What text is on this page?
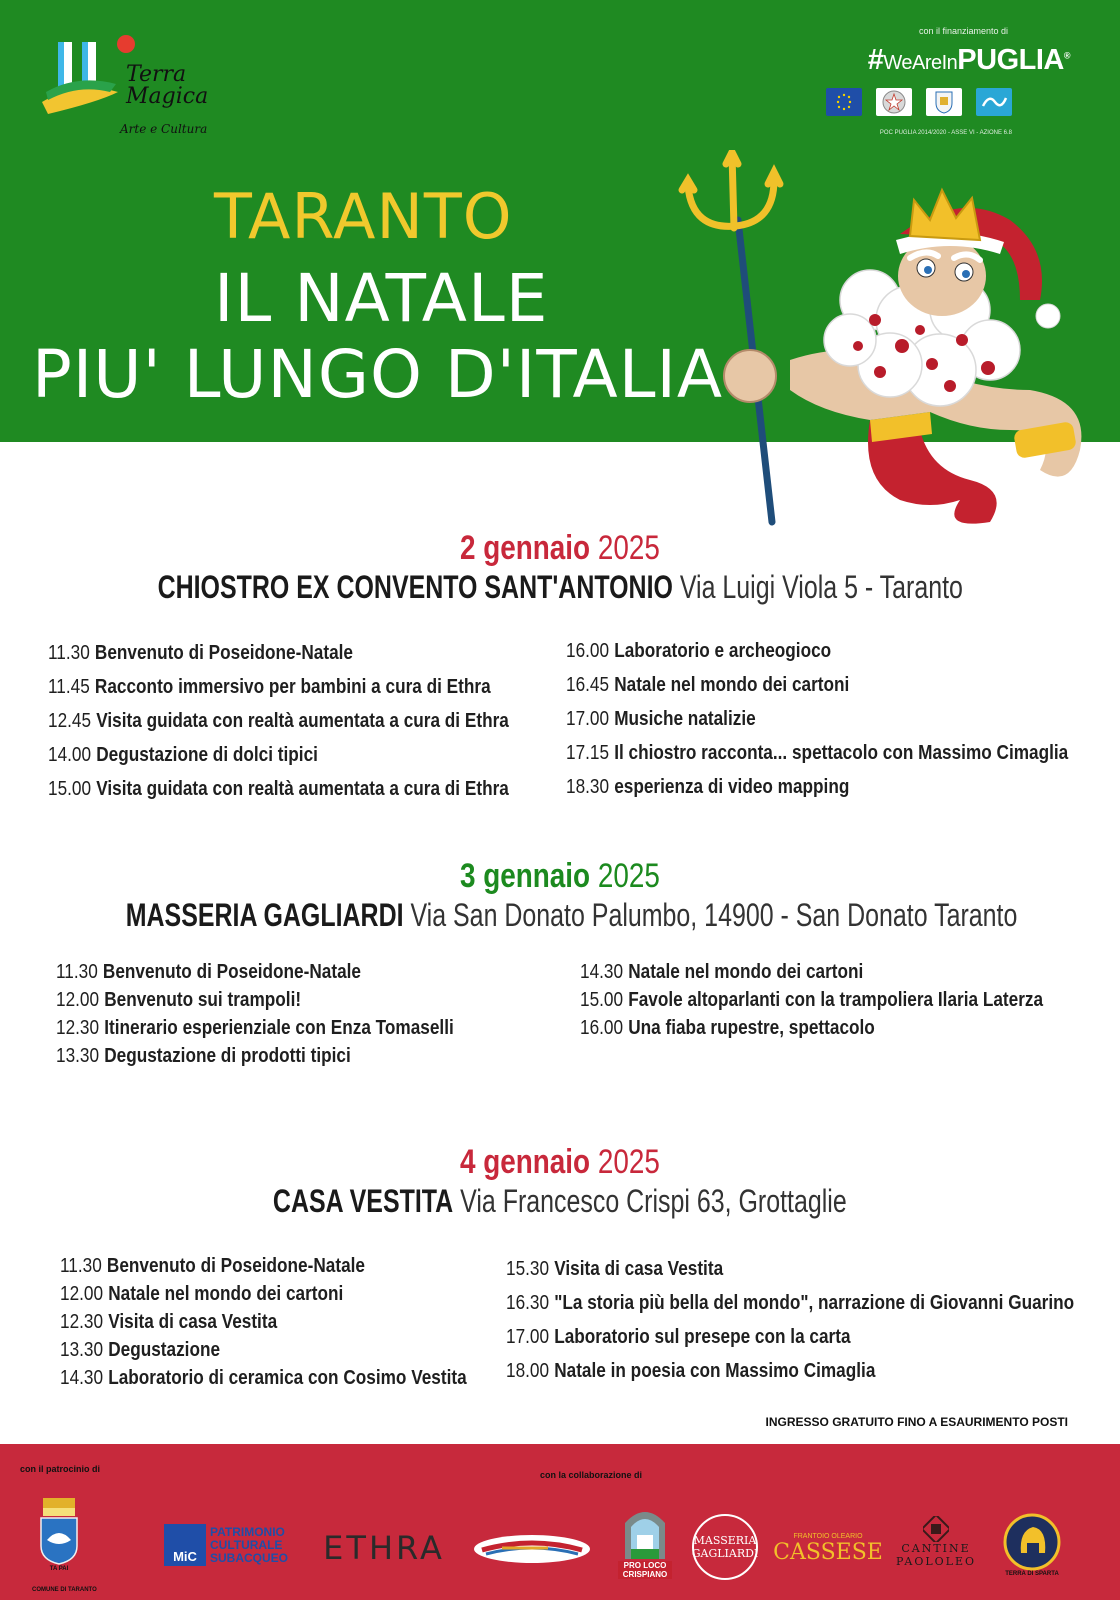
Terra Magica
Arte e Cultura
con il finanziamento di
#WeAreInPUGLIA®
POC PUGLIA 2014/2020 - ASSE VI - AZIONE 6.8
TARANTO
IL NATALE
PIU' LUNGO D'ITALIA
2 gennaio 2025
CHIOSTRO EX CONVENTO SANT'ANTONIO Via Luigi Viola 5 - Taranto
11.30 Benvenuto di Poseidone-Natale
11.45 Racconto immersivo per bambini a cura di Ethra
12.45 Visita guidata con realtà aumentata a cura di Ethra
14.00 Degustazione di dolci tipici
15.00 Visita guidata con realtà aumentata a cura di Ethra
16.00 Laboratorio e archeogioco
16.45 Natale nel mondo dei cartoni
17.00 Musiche natalizie
17.15 Il chiostro racconta... spettacolo con Massimo Cimaglia
18.30 esperienza di video mapping
3 gennaio 2025
MASSERIA GAGLIARDI Via San Donato Palumbo, 14900 - San Donato Taranto
11.30 Benvenuto di Poseidone-Natale
12.00 Benvenuto sui trampoli!
12.30 Itinerario esperienziale con Enza Tomaselli
13.30 Degustazione di prodotti tipici
14.30 Natale nel mondo dei cartoni
15.00 Favole altoparlanti con la trampoliera Ilaria Laterza
16.00 Una fiaba rupestre, spettacolo
4 gennaio 2025
CASA VESTITA Via Francesco Crispi 63, Grottaglie
11.30 Benvenuto di Poseidone-Natale
12.00 Natale nel mondo dei cartoni
12.30 Visita di casa Vestita
13.30 Degustazione
14.30 Laboratorio di ceramica con Cosimo Vestita
15.30 Visita di casa Vestita
16.30 "La storia più bella del mondo", narrazione di Giovanni Guarino
17.00 Laboratorio sul presepe con la carta
18.00 Natale in poesia con Massimo Cimaglia
INGRESSO GRATUITO FINO A ESAURIMENTO POSTI
con il patrocinio di
con la collaborazione di
TA PAI
COMUNE DI TARANTO
MiC
PATRIMONIO CULTURALE SUBACQUEO	ETHRA	PRO LOCO CRISPIANO
MASSERIA GAGLIARDI
FRANTOIO OLEARIO
CASSESE	CANTINE PAOLOLEO
TERRA DI SPARTA
